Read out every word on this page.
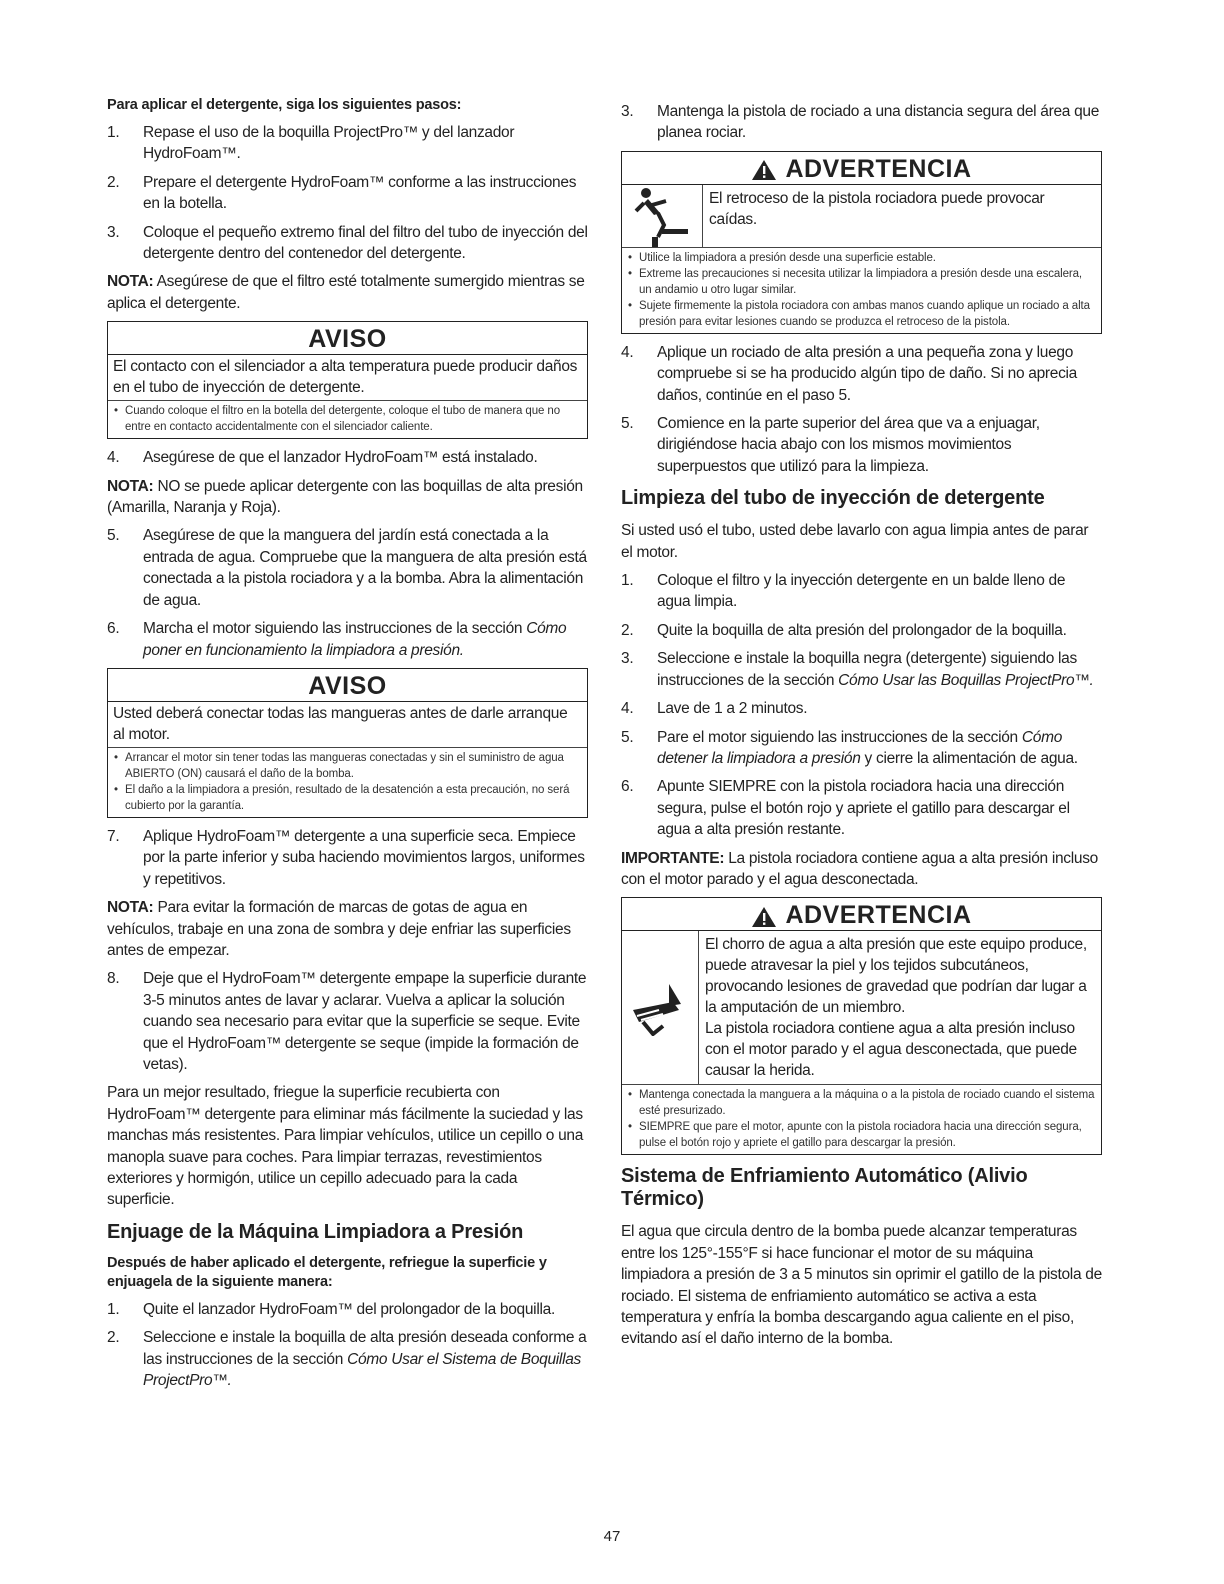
Para aplicar el detergente, siga los siguientes pasos:
1. Repase el uso de la boquilla ProjectPro™ y del lanzador HydroFoam™.
2. Prepare el detergente HydroFoam™ conforme a las instrucciones en la botella.
3. Coloque el pequeño extremo final del filtro del tubo de inyección del detergente dentro del contenedor del detergente.
NOTA: Asegúrese de que el filtro esté totalmente sumergido mientras se aplica el detergente.
AVISO
El contacto con el silenciador a alta temperatura puede producir daños en el tubo de inyección de detergente.
• Cuando coloque el filtro en la botella del detergente, coloque el tubo de manera que no entre en contacto accidentalmente con el silenciador caliente.
4. Asegúrese de que el lanzador HydroFoam™ está instalado.
NOTA: NO se puede aplicar detergente con las boquillas de alta presión (Amarilla, Naranja y Roja).
5. Asegúrese de que la manguera del jardín está conectada a la entrada de agua. Compruebe que la manguera de alta presión está conectada a la pistola rociadora y a la bomba. Abra la alimentación de agua.
6. Marcha el motor siguiendo las instrucciones de la sección Cómo poner en funcionamiento la limpiadora a presión.
AVISO
Usted deberá conectar todas las mangueras antes de darle arranque al motor.
• Arrancar el motor sin tener todas las mangueras conectadas y sin el suministro de agua ABIERTO (ON) causará el daño de la bomba.
• El daño a la limpiadora a presión, resultado de la desatención a esta precaución, no será cubierto por la garantía.
7. Aplique HydroFoam™ detergente a una superficie seca. Empiece por la parte inferior y suba haciendo movimientos largos, uniformes y repetitivos.
NOTA: Para evitar la formación de marcas de gotas de agua en vehículos, trabaje en una zona de sombra y deje enfriar las superficies antes de empezar.
8. Deje que el HydroFoam™ detergente empape la superficie durante 3-5 minutos antes de lavar y aclarar. Vuelva a aplicar la solución cuando sea necesario para evitar que la superficie se seque. Evite que el HydroFoam™ detergente se seque (impide la formación de vetas).
Para un mejor resultado, friegue la superficie recubierta con HydroFoam™ detergente para eliminar más fácilmente la suciedad y las manchas más resistentes. Para limpiar vehículos, utilice un cepillo o una manopla suave para coches. Para limpiar terrazas, revestimientos exteriores y hormigón, utilice un cepillo adecuado para la cada superficie.
Enjuage de la Máquina Limpiadora a Presión
Después de haber aplicado el detergente, refriegue la superficie y enjuagela de la siguiente manera:
1. Quite el lanzador HydroFoam™ del prolongador de la boquilla.
2. Seleccione e instale la boquilla de alta presión deseada conforme a las instrucciones de la sección Cómo Usar el Sistema de Boquillas ProjectPro™.
3. Mantenga la pistola de rociado a una distancia segura del área que planea rociar.
ADVERTENCIA
El retroceso de la pistola rociadora puede provocar caídas.
• Utilice la limpiadora a presión desde una superficie estable.
• Extreme las precauciones si necesita utilizar la limpiadora a presión desde una escalera, un andamio u otro lugar similar.
• Sujete firmemente la pistola rociadora con ambas manos cuando aplique un rociado a alta presión para evitar lesiones cuando se produzca el retroceso de la pistola.
4. Aplique un rociado de alta presión a una pequeña zona y luego compruebe si se ha producido algún tipo de daño. Si no aprecia daños, continúe en el paso 5.
5. Comience en la parte superior del área que va a enjuagar, dirigiéndose hacia abajo con los mismos movimientos superpuestos que utilizó para la limpieza.
Limpieza del tubo de inyección de detergente
Si usted usó el tubo, usted debe lavarlo con agua limpia antes de parar el motor.
1. Coloque el filtro y la inyección detergente en un balde lleno de agua limpia.
2. Quite la boquilla de alta presión del prolongador de la boquilla.
3. Seleccione e instale la boquilla negra (detergente) siguiendo las instrucciones de la sección Cómo Usar las Boquillas ProjectPro™.
4. Lave de 1 a 2 minutos.
5. Pare el motor siguiendo las instrucciones de la sección Cómo detener la limpiadora a presión y cierre la alimentación de agua.
6. Apunte SIEMPRE con la pistola rociadora hacia una dirección segura, pulse el botón rojo y apriete el gatillo para descargar el agua a alta presión restante.
IMPORTANTE: La pistola rociadora contiene agua a alta presión incluso con el motor parado y el agua desconectada.
ADVERTENCIA
El chorro de agua a alta presión que este equipo produce, puede atravesar la piel y los tejidos subcutáneos, provocando lesiones de gravedad que podrían dar lugar a la amputación de un miembro.
La pistola rociadora contiene agua a alta presión incluso con el motor parado y el agua desconectada, que puede causar la herida.
• Mantenga conectada la manguera a la máquina o a la pistola de rociado cuando el sistema esté presurizado.
• SIEMPRE que pare el motor, apunte con la pistola rociadora hacia una dirección segura, pulse el botón rojo y apriete el gatillo para descargar la presión.
Sistema de Enfriamiento Automático (Alivio Térmico)
El agua que circula dentro de la bomba puede alcanzar temperaturas entre los 125°-155°F si hace funcionar el motor de su máquina limpiadora a presión de 3 a 5 minutos sin oprimir el gatillo de la pistola de rociado. El sistema de enfriamiento automático se activa a esta temperatura y enfría la bomba descargando agua caliente en el piso, evitando así el daño interno de la bomba.
47
